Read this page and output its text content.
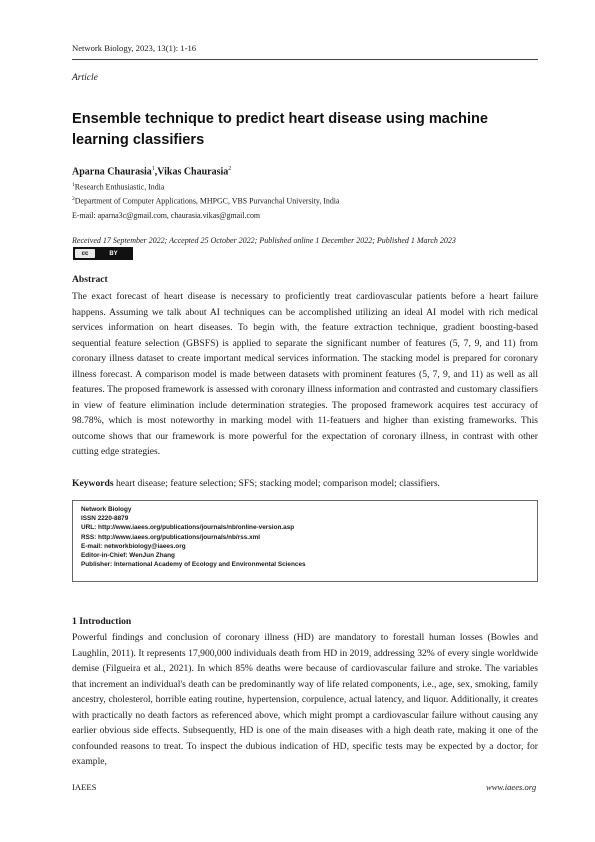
Network Biology, 2023, 13(1): 1-16
Article
Ensemble technique to predict heart disease using machine learning classifiers
Aparna Chaurasia$^1$,Vikas Chaurasia$^2$
$^1$Research Enthusiastic, India
$^2$Department of Computer Applications, MHPGC, VBS Purvanchal University, India
E-mail: aparna3c@gmail.com, chaurasia.vikas@gmail.com
Received 17 September 2022; Accepted 25 October 2022; Published online 1 December 2022; Published 1 March 2023
cc	BY
Abstract
The exact forecast of heart disease is necessary to proficiently treat cardiovascular patients before a heart failure happens. Assuming we talk about AI techniques can be accomplished utilizing an ideal AI model with rich medical services information on heart diseases. To begin with, the feature extraction technique, gradient boosting-based sequential feature selection (GBSFS) is applied to separate the significant number of features (5, 7, 9, and 11) from coronary illness dataset to create important medical services information. The stacking model is prepared for coronary illness forecast. A comparison model is made between datasets with prominent features (5, 7, 9, and 11) as well as all features. The proposed framework is assessed with coronary illness information and contrasted and customary classifiers in view of feature elimination include determination strategies. The proposed framework acquires test accuracy of 98.78%, which is most noteworthy in marking model with 11-featuers and higher than existing frameworks. This outcome shows that our framework is more powerful for the expectation of coronary illness, in contrast with other cutting edge strategies.
Keywords heart disease; feature selection; SFS; stacking model; comparison model; classifiers.
Network Biology
ISSN 2220-8879
URL: http://www.iaees.org/publications/journals/nb/online-version.asp
RSS: http://www.iaees.org/publications/journals/nb/rss.xml
E-mail: networkbiology@iaees.org
Editor-in-Chief: WenJun Zhang
Publisher: International Academy of Ecology and Environmental Sciences
1 Introduction
Powerful findings and conclusion of coronary illness (HD) are mandatory to forestall human losses (Bowles and Laughlin, 2011). It represents 17,900,000 individuals death from HD in 2019, addressing 32% of every single worldwide demise (Filgueira et al., 2021). In which 85% deaths were because of cardiovascular failure and stroke. The variables that increment an individual's death can be predominantly way of life related components, i.e., age, sex, smoking, family ancestry, cholesterol, horrible eating routine, hypertension, corpulence, actual latency, and liquor. Additionally, it creates with practically no death factors as referenced above, which might prompt a cardiovascular failure without causing any earlier obvious side effects. Subsequently, HD is one of the main diseases with a high death rate, making it one of the confounded reasons to treat. To inspect the dubious indication of HD, specific tests may be expected by a doctor, for example,
IAEES	www.iaees.org
